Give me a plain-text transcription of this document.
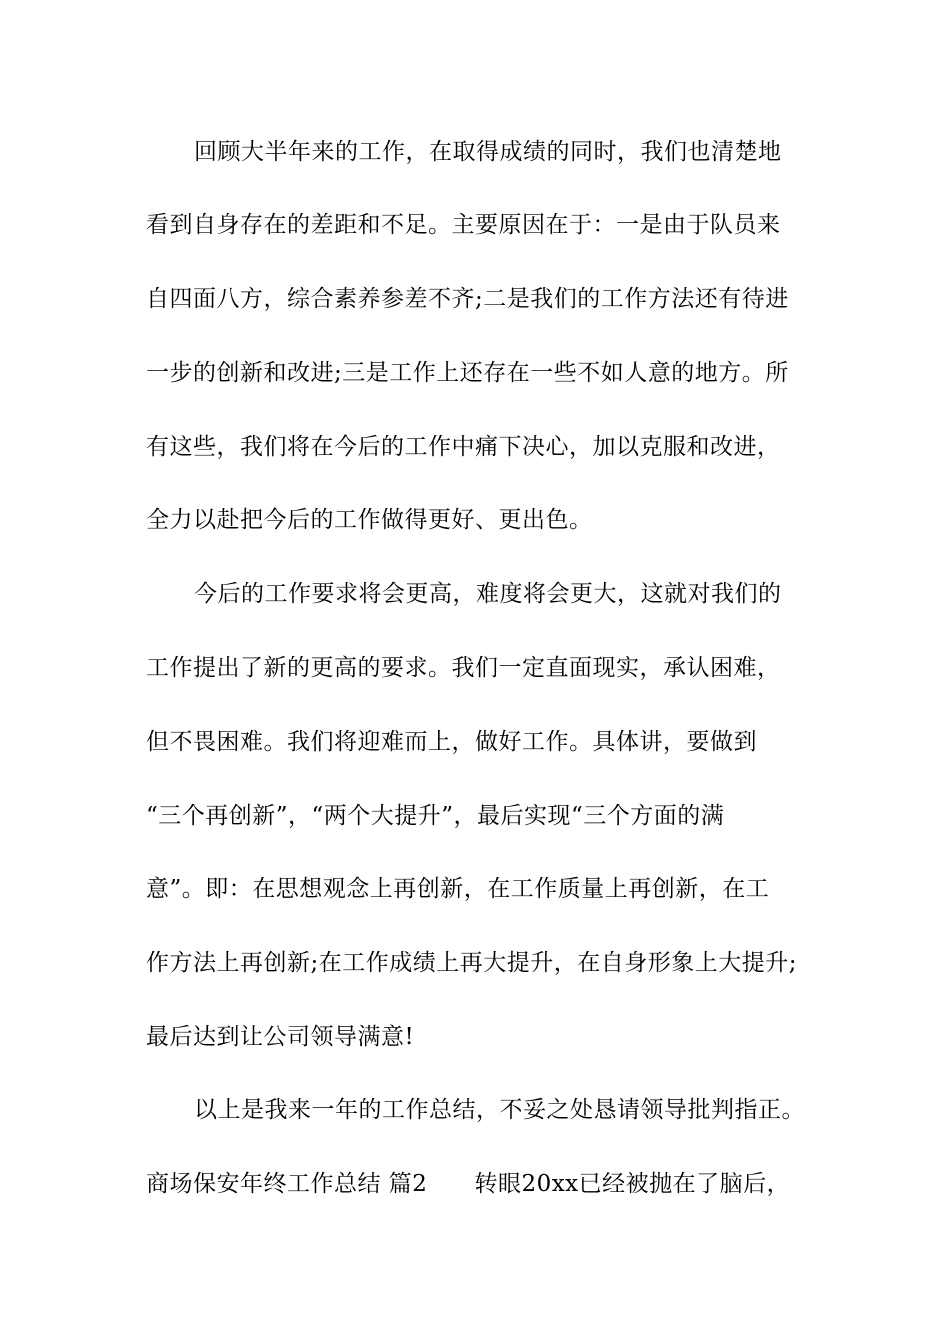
回顾大半年来的工作，在取得成绩的同时，我们也清楚地
看到自身存在的差距和不足。主要原因在于：一是由于队员来
自四面八方，综合素养参差不齐;二是我们的工作方法还有待进
一步的创新和改进;三是工作上还存在一些不如人意的地方。所
有这些，我们将在今后的工作中痛下决心，加以克服和改进，
全力以赴把今后的工作做得更好、更出色。
今后的工作要求将会更高，难度将会更大，这就对我们的
工作提出了新的更高的要求。我们一定直面现实，承认困难，
但不畏困难。我们将迎难而上，做好工作。具体讲，要做到
“三个再创新”，“两个大提升”，最后实现“三个方面的满
意”。即：在思想观念上再创新，在工作质量上再创新，在工
作方法上再创新;在工作成绩上再大提升，在自身形象上大提升;
最后达到让公司领导满意!
以上是我来一年的工作总结，不妥之处恳请领导批判指正。
商场保安年终工作总结 篇2　　转眼20xx已经被抛在了脑后，
